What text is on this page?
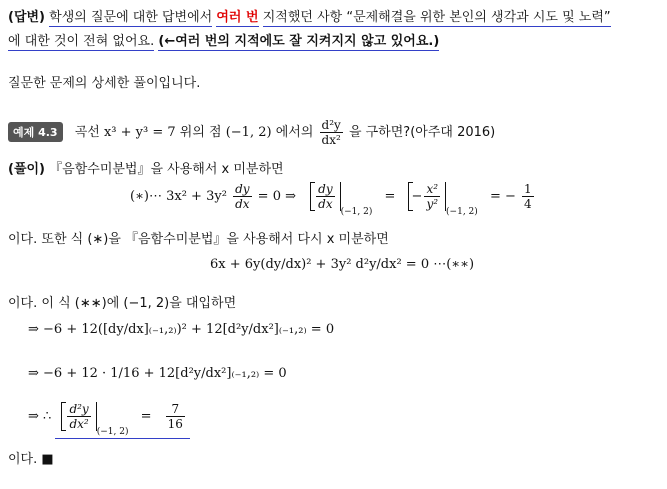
(답변) 학생의 질문에 대한 답변에서 여러 번 지적했던 사항 “문제해결을 위한 본인의 생각과 시도 및 노력”
에 대한 것이 전혀 없어요. (←여러 번의 지적에도 잘 지켜지지 않고 있어요.)
질문한 문제의 상세한 풀이입니다.
예제 4.3 곡선 x³ + y³ = 7 위의 점 (−1, 2) 에서의 $\frac{\text{d²y}}{\text{dx²}}$ 을 구하면?(아주대 2016)
(풀이) 『음함수미분법』을 사용해서 x 미분하면
(∗)⋯ $3x^2 + 3y^2 \frac{dy}{dx} = 0$ ⇒ $\frac{dy}{dx}$
$_{(-1, 2)}$ = − $\frac{\text{x²}}{\text{y²}}$
$_{(-1, 2)}$ = − $\frac{1}{4}$
이다. 또한 식 (∗)을 『음함수미분법』을 사용해서 다시 x 미분하면
6x + 6y(dy/dx)² + 3y² d²y/dx² = 0 ⋯(∗∗)
이다. 이 식 (∗∗)에 (−1, 2)을 대입하면
⇒ −6 + 12([dy/dx]₍₋₁,₂₎)² + 12[d²y/dx²]₍₋₁,₂₎ = 0
⇒ −6 + 12 · 1/16 + 12[d²y/dx²]₍₋₁,₂₎ = 0
⇒ ∴ $\frac{\text{d²y}}{\text{dx²}}$
$_{(-1, 2)} = \frac{7}{16}$
이다. ■
